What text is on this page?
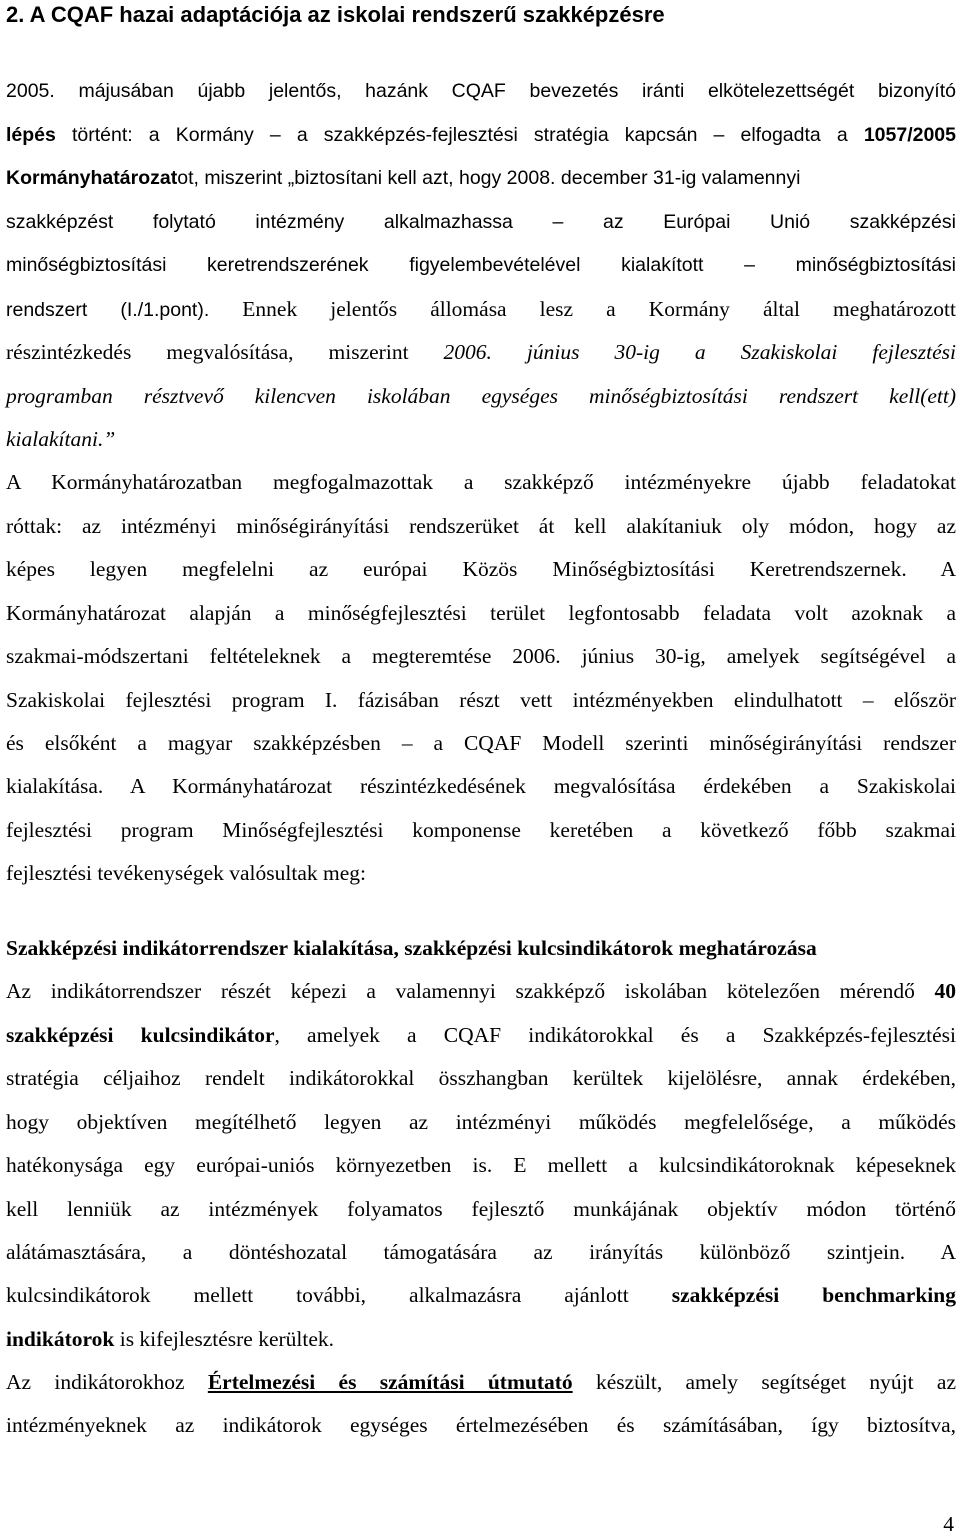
2. A CQAF hazai adaptációja az iskolai rendszerű szakképzésre
2005. májusában újabb jelentős, hazánk CQAF bevezetés iránti elkötelezettségét bizonyító
lépés történt: a Kormány – a szakképzés-fejlesztési stratégia kapcsán – elfogadta a 1057/2005
Kormányhatározatot, miszerint „biztosítani kell azt, hogy 2008. december 31-ig valamennyi
szakképzést folytató intézmény alkalmazhassa – az Európai Unió szakképzési
minőségbiztosítási keretrendszerének figyelembevételével kialakított – minőségbiztosítási
rendszert (I./1.pont). Ennek jelentős állomása lesz a Kormány által meghatározott
részintézkedés megvalósítása, miszerint 2006. június 30-ig a Szakiskolai fejlesztési
programban résztvevő kilencven iskolában egységes minőségbiztosítási rendszert kell(ett)
kialakítani.”
A Kormányhatározatban megfogalmazottak a szakképző intézményekre újabb feladatokat
róttak: az intézményi minőségirányítási rendszerüket át kell alakítaniuk oly módon, hogy az
képes legyen megfelelni az európai Közös Minőségbiztosítási Keretrendszernek. A
Kormányhatározat alapján a minőségfejlesztési terület legfontosabb feladata volt azoknak a
szakmai-módszertani feltételeknek a megteremtése 2006. június 30-ig, amelyek segítségével a
Szakiskolai fejlesztési program I. fázisában részt vett intézményekben elindulhatott – először
és elsőként a magyar szakképzésben – a CQAF Modell szerinti minőségirányítási rendszer
kialakítása. A Kormányhatározat részintézkedésének megvalósítása érdekében a Szakiskolai
fejlesztési program Minőségfejlesztési komponense keretében a következő főbb szakmai
fejlesztési tevékenységek valósultak meg:
Szakképzési indikátorrendszer kialakítása, szakképzési kulcsindikátorok meghatározása
Az indikátorrendszer részét képezi a valamennyi szakképző iskolában kötelezően mérendő 40
szakképzési kulcsindikátor, amelyek a CQAF indikátorokkal és a Szakképzés-fejlesztési
stratégia céljaihoz rendelt indikátorokkal összhangban kerültek kijelölésre, annak érdekében,
hogy objektíven megítélhető legyen az intézményi működés megfelelősége, a működés
hatékonysága egy európai-uniós környezetben is. E mellett a kulcsindikátoroknak képeseknek
kell lenniük az intézmények folyamatos fejlesztő munkájának objektív módon történő
alátámasztására, a döntéshozatal támogatására az irányítás különböző szintjein. A
kulcsindikátorok mellett további, alkalmazásra ajánlott szakképzési benchmarking
indikátorok is kifejlesztésre kerültek.
Az indikátorokhoz Értelmezési és számítási útmutató készült, amely segítséget nyújt az
intézményeknek az indikátorok egységes értelmezésében és számításában, így biztosítva,
4
